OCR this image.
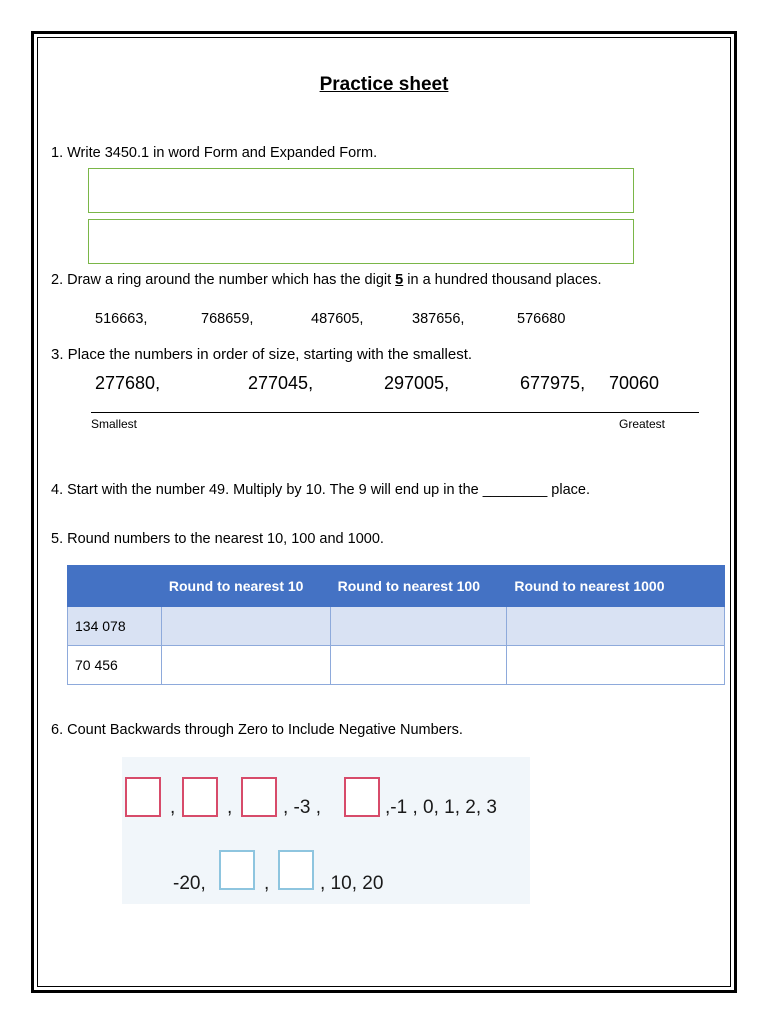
Practice sheet
1. Write 3450.1 in word Form and Expanded Form.
2. Draw a ring around the number which has the digit 5 in a hundred thousand places.
516663,	768659,	487605,	387656,	576680
3. Place the numbers in order of size, starting with the smallest.
277680,	277045,	297005,	677975, 70060
Smallest	Greatest
4. Start with the number 49. Multiply by 10. The 9 will end up in the ________ place.
5. Round numbers to the nearest 10, 100 and 1000.
	Round to nearest 10	Round to nearest 100	Round to nearest 1000
134 078			
70 456			
6. Count Backwards through Zero to Include Negative Numbers.
,	,	, -3 ,	,-1 , 0, 1, 2, 3
-20,	,	, 10, 20
